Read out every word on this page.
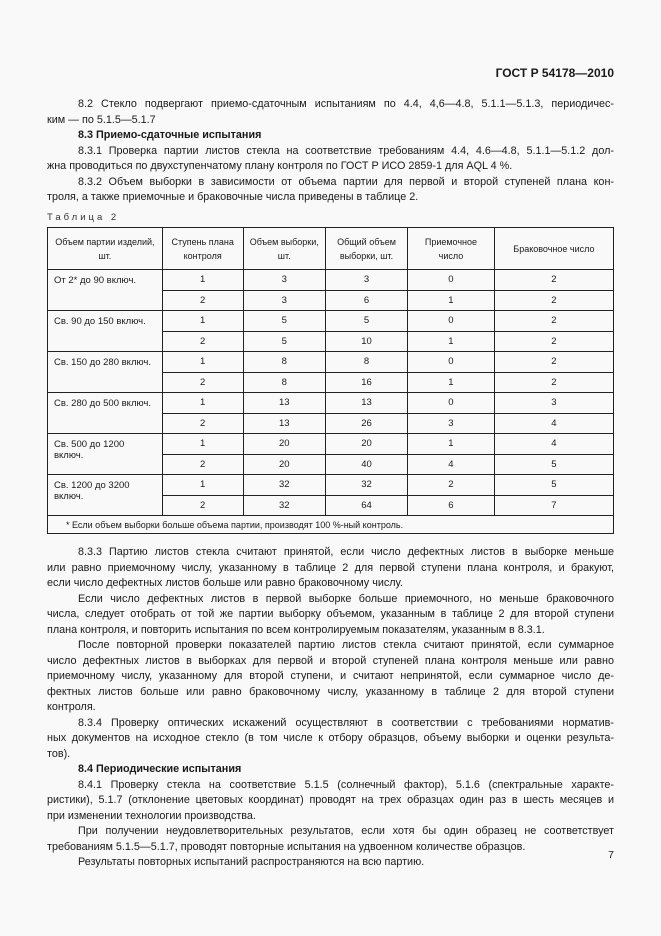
ГОСТ Р 54178—2010
8.2 Стекло подвергают приемо-сдаточным испытаниям по 4.4, 4,6—4.8, 5.1.1—5.1.3, периодичес-
ким — по 5.1.5—5.1.7
8.3 Приемо-сдаточные испытания
8.3.1 Проверка партии листов стекла на соответствие требованиям 4.4, 4.6—4.8, 5.1.1—5.1.2 дол-
жна проводиться по двухступенчатому плану контроля по ГОСТ Р ИСО 2859-1 для AQL 4 %.
8.3.2 Объем выборки в зависимости от объема партии для первой и второй ступеней плана кон-
троля, а также приемочные и браковочные числа приведены в таблице 2.
Таблица 2
Объем партии изделий, шт.	Ступень плана контроля	Объем выборки, шт.	Общий объем выборки, шт.	Приемочное число	Браковочное число
От 2* до 90 включ.	1	3	3	0	2
	2	3	6	1	2
Св. 90 до 150 включ.	1	5	5	0	2
	2	5	10	1	2
Св. 150 до 280 включ.	1	8	8	0	2
	2	8	16	1	2
Св. 280 до 500 включ.	1	13	13	0	3
	2	13	26	3	4
Св. 500 до 1200 включ.	1	20	20	1	4
	2	20	40	4	5
Св. 1200 до 3200 включ.	1	32	32	2	5
	2	32	64	6	7
* Если объем выборки больше объема партии, производят 100 %-ный контроль.					
8.3.3 Партию листов стекла считают принятой, если число дефектных листов в выборке меньше
или равно приемочному числу, указанному в таблице 2 для первой ступени плана контроля, и бракуют,
если число дефектных листов больше или равно браковочному числу.
Если число дефектных листов в первой выборке больше приемочного, но меньше браковочного
числа, следует отобрать от той же партии выборку объемом, указанным в таблице 2 для второй ступени
плана контроля, и повторить испытания по всем контролируемым показателям, указанным в 8.3.1.
После повторной проверки показателей партию листов стекла считают принятой, если суммарное
число дефектных листов в выборках для первой и второй ступеней плана контроля меньше или равно
приемочному числу, указанному для второй ступени, и считают непринятой, если суммарное число де-
фектных листов больше или равно браковочному числу, указанному в таблице 2 для второй ступени
контроля.
8.3.4 Проверку оптических искажений осуществляют в соответствии с требованиями норматив-
ных документов на исходное стекло (в том числе к отбору образцов, объему выборки и оценки результа-
тов).
8.4 Периодические испытания
8.4.1 Проверку стекла на соответствие 5.1.5 (солнечный фактор), 5.1.6 (спектральные характе-
ристики), 5.1.7 (отклонение цветовых координат) проводят на трех образцах один раз в шесть месяцев и
при изменении технологии производства.
При получении неудовлетворительных результатов, если хотя бы один образец не соответствует
требованиям 5.1.5—5.1.7, проводят повторные испытания на удвоенном количестве образцов.
Результаты повторных испытаний распространяются на всю партию.
7
